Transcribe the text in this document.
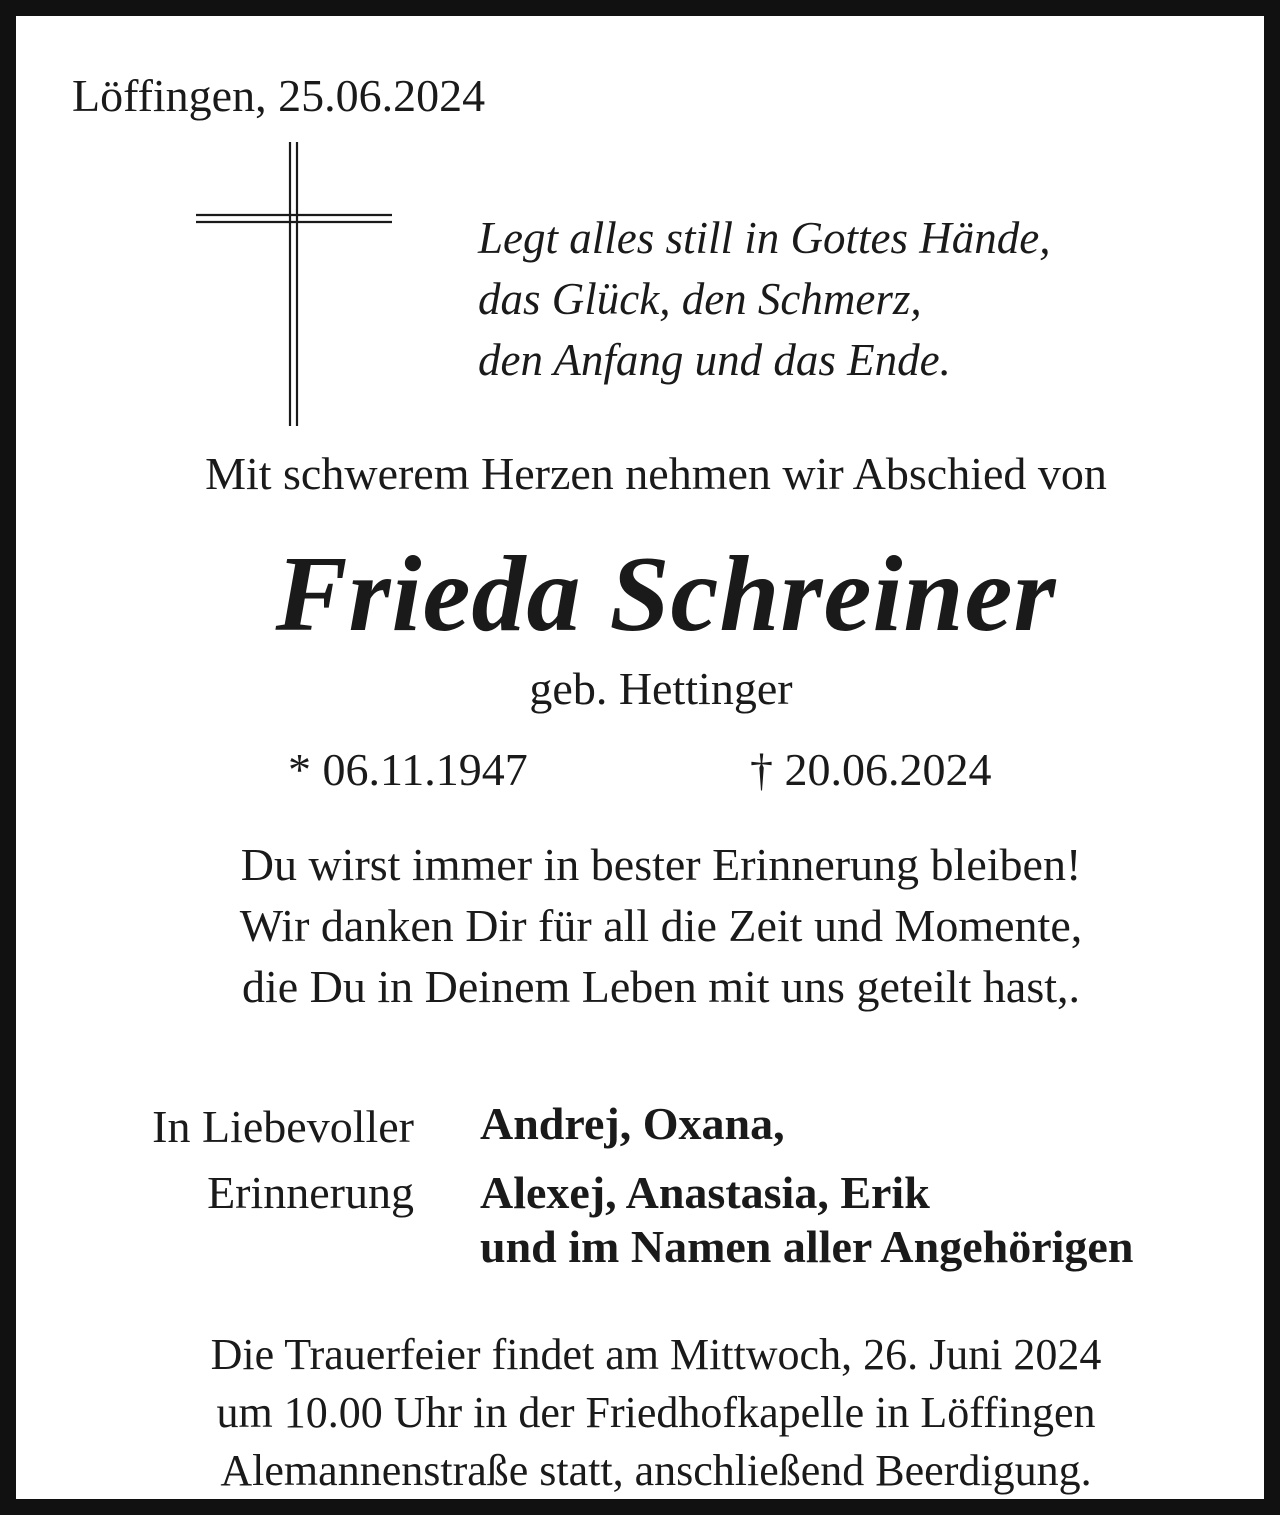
Löffingen, 25.06.2024
Legt alles still in Gottes Hände,
das Glück, den Schmerz,
den Anfang und das Ende.
Mit schwerem Herzen nehmen wir Abschied von
Frieda Schreiner
geb. Hettinger
* 06.11.1947	† 20.06.2024
Du wirst immer in bester Erinnerung bleiben!
Wir danken Dir für all die Zeit und Momente,
die Du in Deinem Leben mit uns geteilt hast,.
In Liebevoller
Erinnerung
Andrej, Oxana,
Alexej, Anastasia, Erik
und im Namen aller Angehörigen
Die Trauerfeier findet am Mittwoch, 26. Juni 2024
um 10.00 Uhr in der Friedhofkapelle in Löffingen
Alemannenstraße statt, anschließend Beerdigung.
